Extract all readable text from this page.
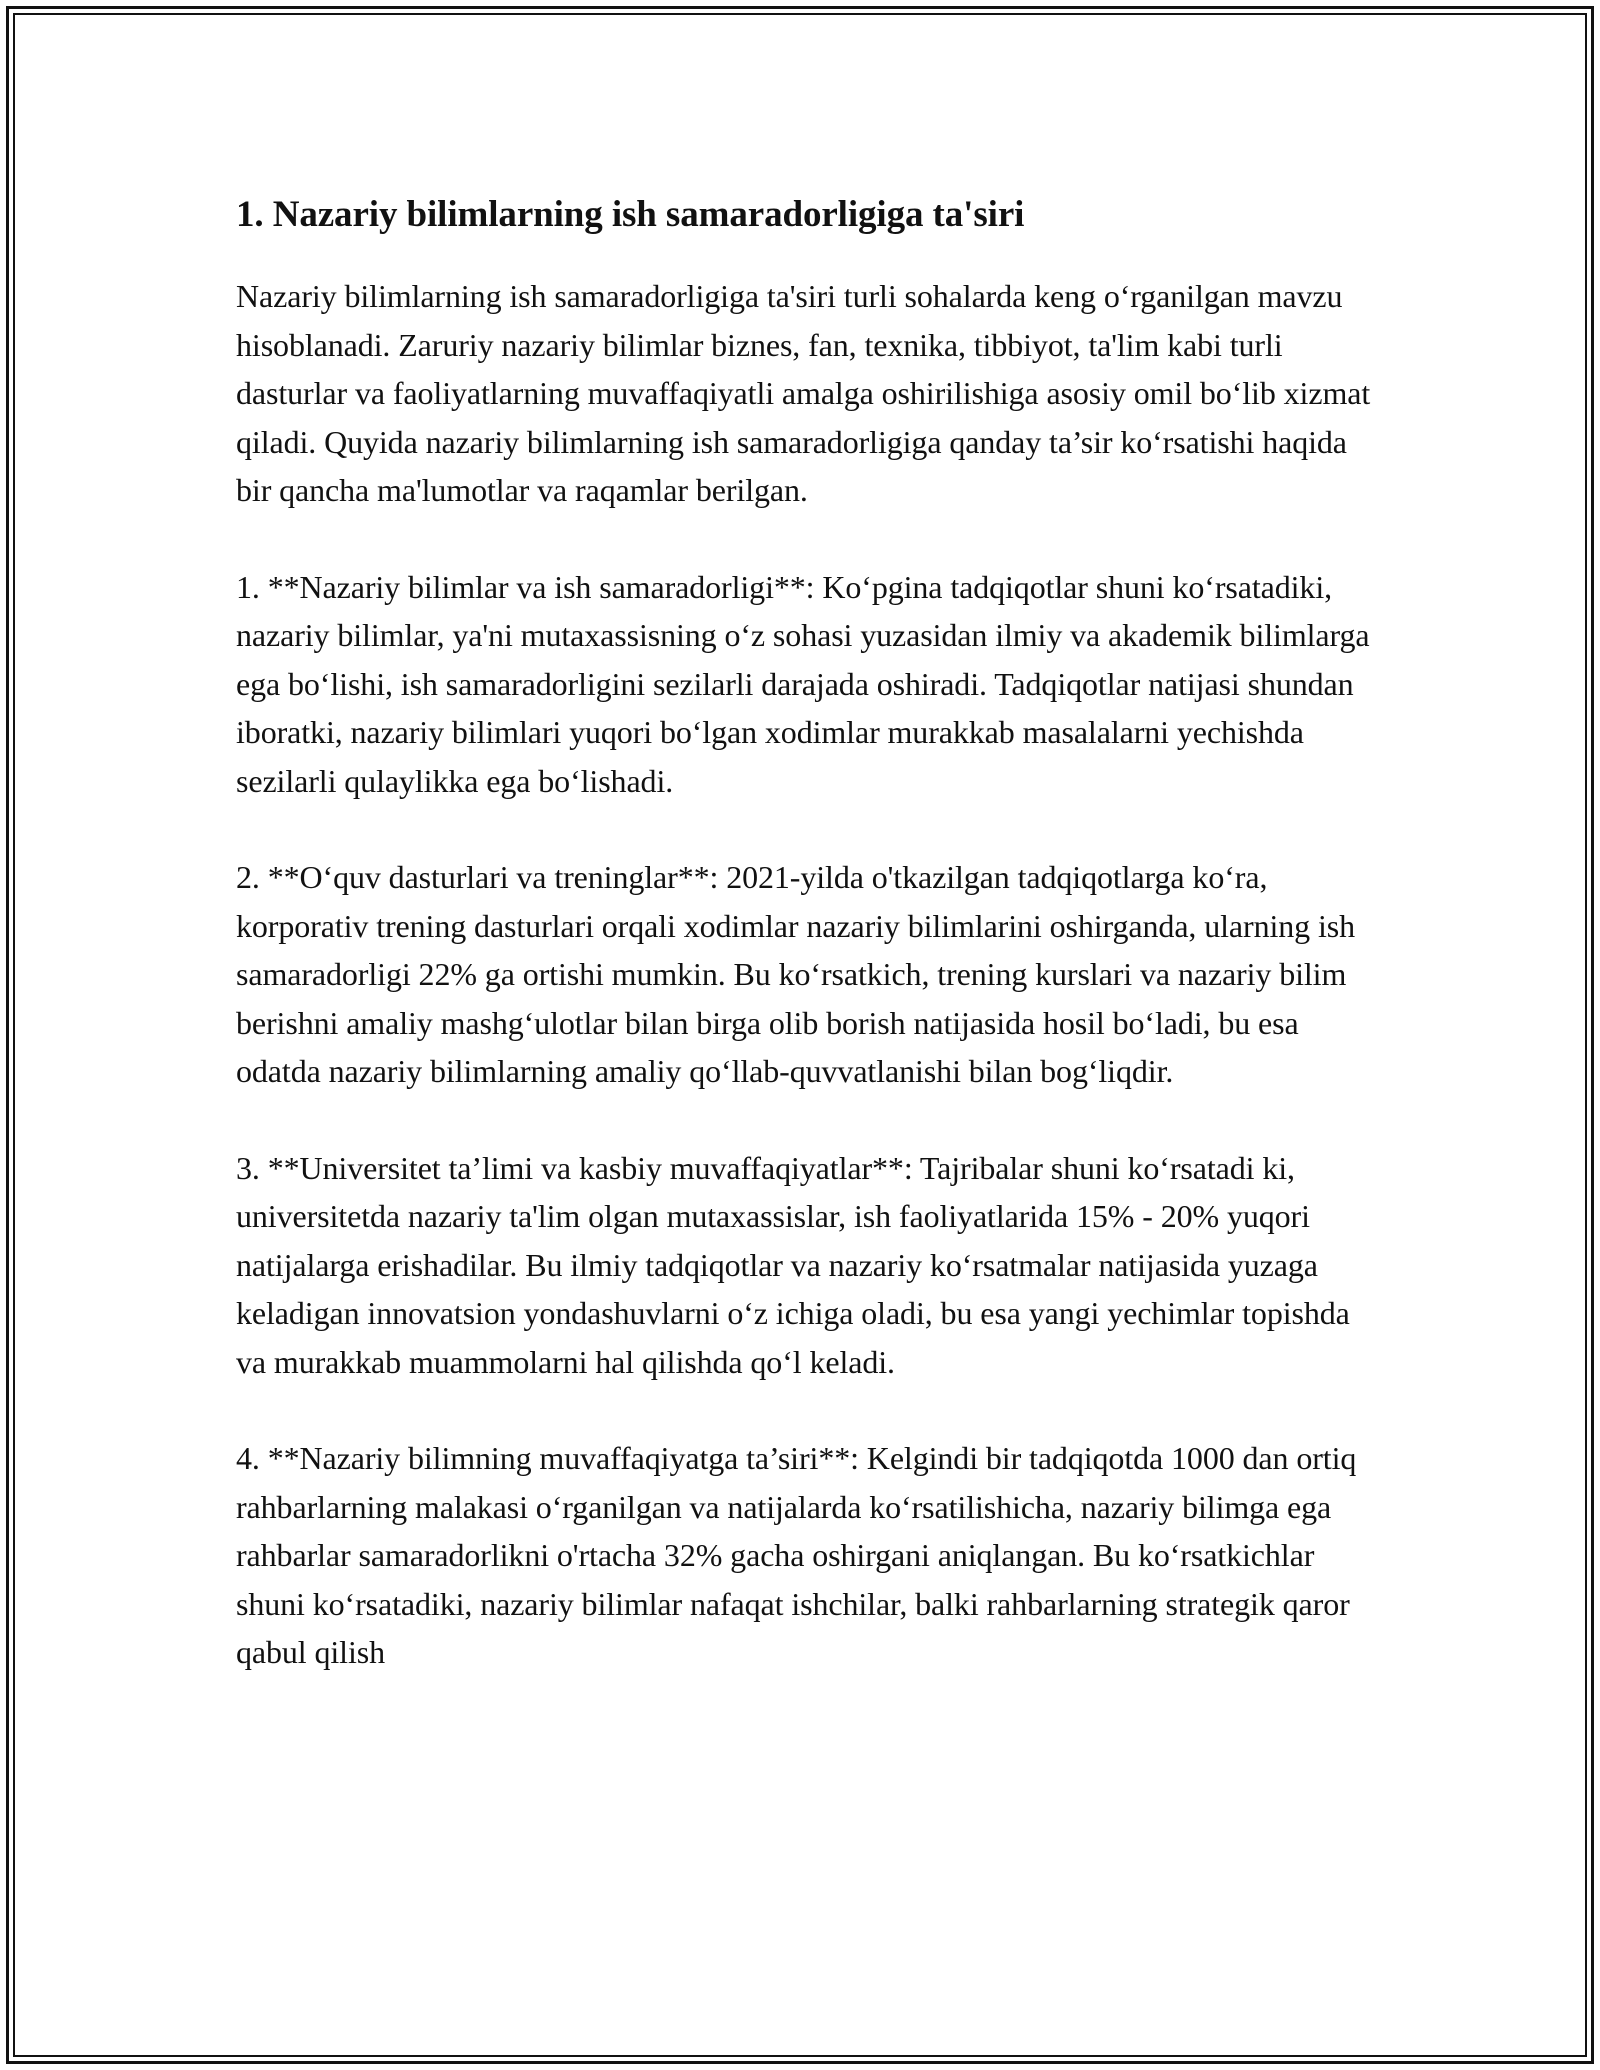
1. Nazariy bilimlarning ish samaradorligiga ta'siri

Nazariy bilimlarning ish samaradorligiga ta'siri turli sohalarda keng o‘rganilgan mavzu hisoblanadi. Zaruriy nazariy bilimlar biznes, fan, texnika, tibbiyot, ta'lim kabi turli dasturlar va faoliyatlarning muvaffaqiyatli amalga oshirilishiga asosiy omil bo‘lib xizmat qiladi. Quyida nazariy bilimlarning ish samaradorligiga qanday ta’sir ko‘rsatishi haqida bir qancha ma'lumotlar va raqamlar berilgan.

1. **Nazariy bilimlar va ish samaradorligi**: Ko‘pgina tadqiqotlar shuni ko‘rsatadiki, nazariy bilimlar, ya'ni mutaxassisning o‘z sohasi yuzasidan ilmiy va akademik bilimlarga ega bo‘lishi, ish samaradorligini sezilarli darajada oshiradi. Tadqiqotlar natijasi shundan iboratki, nazariy bilimlari yuqori bo‘lgan xodimlar murakkab masalalarni yechishda sezilarli qulaylikka ega bo‘lishadi.

2. **O‘quv dasturlari va treninglar**: 2021-yilda o'tkazilgan tadqiqotlarga ko‘ra, korporativ trening dasturlari orqali xodimlar nazariy bilimlarini oshirganda, ularning ish samaradorligi 22% ga ortishi mumkin. Bu ko‘rsatkich, trening kurslari va nazariy bilim berishni amaliy mashg‘ulotlar bilan birga olib borish natijasida hosil bo‘ladi, bu esa odatda nazariy bilimlarning amaliy qo‘llab-quvvatlanishi bilan bog‘liqdir.

3. **Universitet ta’limi va kasbiy muvaffaqiyatlar**: Tajribalar shuni ko‘rsatadi ki, universitetda nazariy ta'lim olgan mutaxassislar, ish faoliyatlarida 15% - 20% yuqori natijalarga erishadilar. Bu ilmiy tadqiqotlar va nazariy ko‘rsatmalar natijasida yuzaga keladigan innovatsion yondashuvlarni o‘z ichiga oladi, bu esa yangi yechimlar topishda va murakkab muammolarni hal qilishda qo‘l keladi.

4. **Nazariy bilimning muvaffaqiyatga ta’siri**: Kelgindi bir tadqiqotda 1000 dan ortiq rahbarlarning malakasi o‘rganilgan va natijalarda ko‘rsatilishicha, nazariy bilimga ega rahbarlar samaradorlikni o'rtacha 32% gacha oshirgani aniqlangan. Bu ko‘rsatkichlar shuni ko‘rsatadiki, nazariy bilimlar nafaqat ishchilar, balki rahbarlarning strategik qaror qabul qilish
